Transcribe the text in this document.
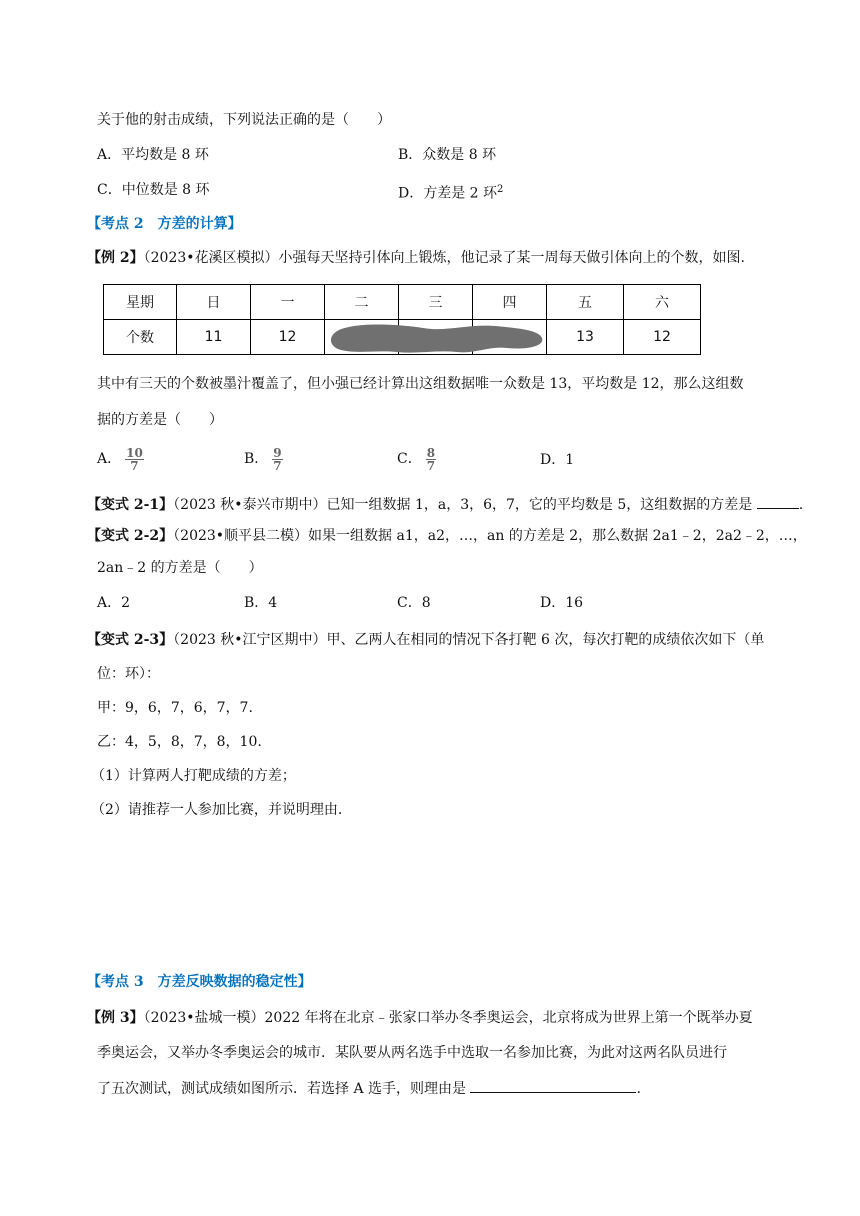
关于他的射击成绩，下列说法正确的是（　　）
A．平均数是 8 环	B．众数是 8 环
C．中位数是 8 环	D．方差是 2 环$^2$
【考点 2　方差的计算】
【例 2】（2023•花溪区模拟）小强每天坚持引体向上锻炼，他记录了某一周每天做引体向上的个数，如图.
星期	日	一	二	三	四	五	六
个数	11	12				13	12
其中有三天的个数被墨汁覆盖了，但小强已经计算出这组数据唯一众数是 13，平均数是 12，那么这组数
据的方差是（　　）
A． $\frac{10}{7}$	B． $\frac{9}{7}$	C． $\frac{8}{7}$	D．1
【变式 2-1】（2023 秋•泰兴市期中）已知一组数据 1，a，3，6，7，它的平均数是 5，这组数据的方差是	.
【变式 2-2】（2023•顺平县二模）如果一组数据 a1，a2，…，an 的方差是 2，那么数据 2a1﹣2，2a2﹣2，…，
2an﹣2 的方差是（　　）
A．2	B．4	C．8	D．16
【变式 2-3】（2023 秋•江宁区期中）甲、乙两人在相同的情况下各打靶 6 次，每次打靶的成绩依次如下（单
位：环）：
甲：9，6，7，6，7，7.
乙：4，5，8，7，8，10.
（1）计算两人打靶成绩的方差；
（2）请推荐一人参加比赛，并说明理由.
【考点 3　方差反映数据的稳定性】
【例 3】（2023•盐城一模）2022 年将在北京﹣张家口举办冬季奥运会，北京将成为世界上第一个既举办夏
季奥运会，又举办冬季奥运会的城市．某队要从两名选手中选取一名参加比赛，为此对这两名队员进行
了五次测试，测试成绩如图所示．若选择 A 选手，则理由是	.
